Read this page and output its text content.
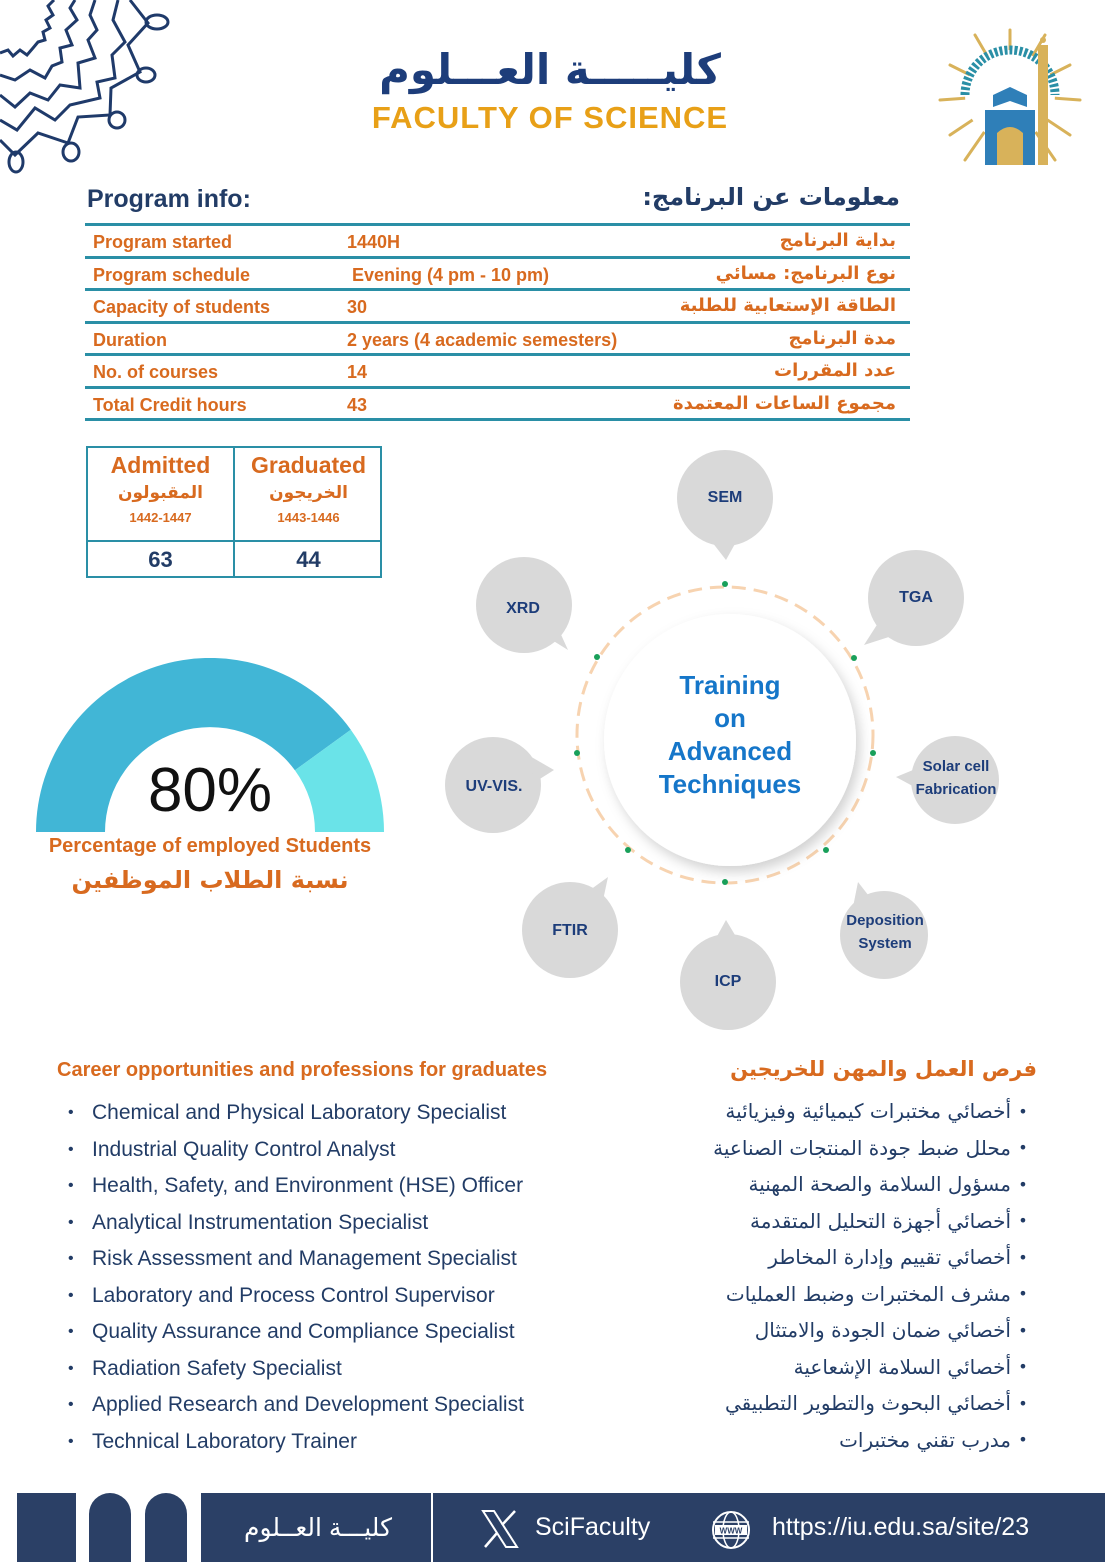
كليـــــة العـــلوم
FACULTY OF SCIENCE
Program info:	معلومات عن البرنامج:
Program started	1440H	بداية البرنامج
Program schedule	Evening (4 pm - 10 pm)	نوع البرنامج: مسائي
Capacity of students	30	الطاقة الإستعابية للطلبة
Duration	2 years (4 academic semesters)	مدة البرنامج
No. of courses	14	عدد المقررات
Total Credit hours	43	مجموع الساعات المعتمدة
Admitted
المقبولون
1442-1447
Graduated
الخريجون
1443-1446
63	44
80%
Percentage of employed Students
نسبة الطلاب الموظفين
Training
on
Advanced
Techniques
SEM
TGA
Solar cell
Fabrication
Deposition
System
ICP
FTIR
UV-VIS.
XRD
Career opportunities and professions for graduates	فرص العمل والمهن للخريجين
• Chemical and Physical Laboratory Specialist
• Industrial Quality Control Analyst
• Health, Safety, and Environment (HSE) Officer
• Analytical Instrumentation Specialist
• Risk Assessment and Management Specialist
• Laboratory and Process Control Supervisor
• Quality Assurance and Compliance Specialist
• Radiation Safety Specialist
• Applied Research and Development Specialist
• Technical Laboratory Trainer
•
أخصائي مختبرات كيميائية وفيزيائية
•
محلل ضبط جودة المنتجات الصناعية
•
مسؤول السلامة والصحة المهنية
•
أخصائي أجهزة التحليل المتقدمة
•
أخصائي تقييم وإدارة المخاطر
•
مشرف المختبرات وضبط العمليات
•
أخصائي ضمان الجودة والامتثال
•
أخصائي السلامة الإشعاعية
•
أخصائي البحوث والتطوير التطبيقي
•
مدرب تقني مختبرات
كليـــة العــلوم	SciFaculty	WWW https://iu.edu.sa/site/23
